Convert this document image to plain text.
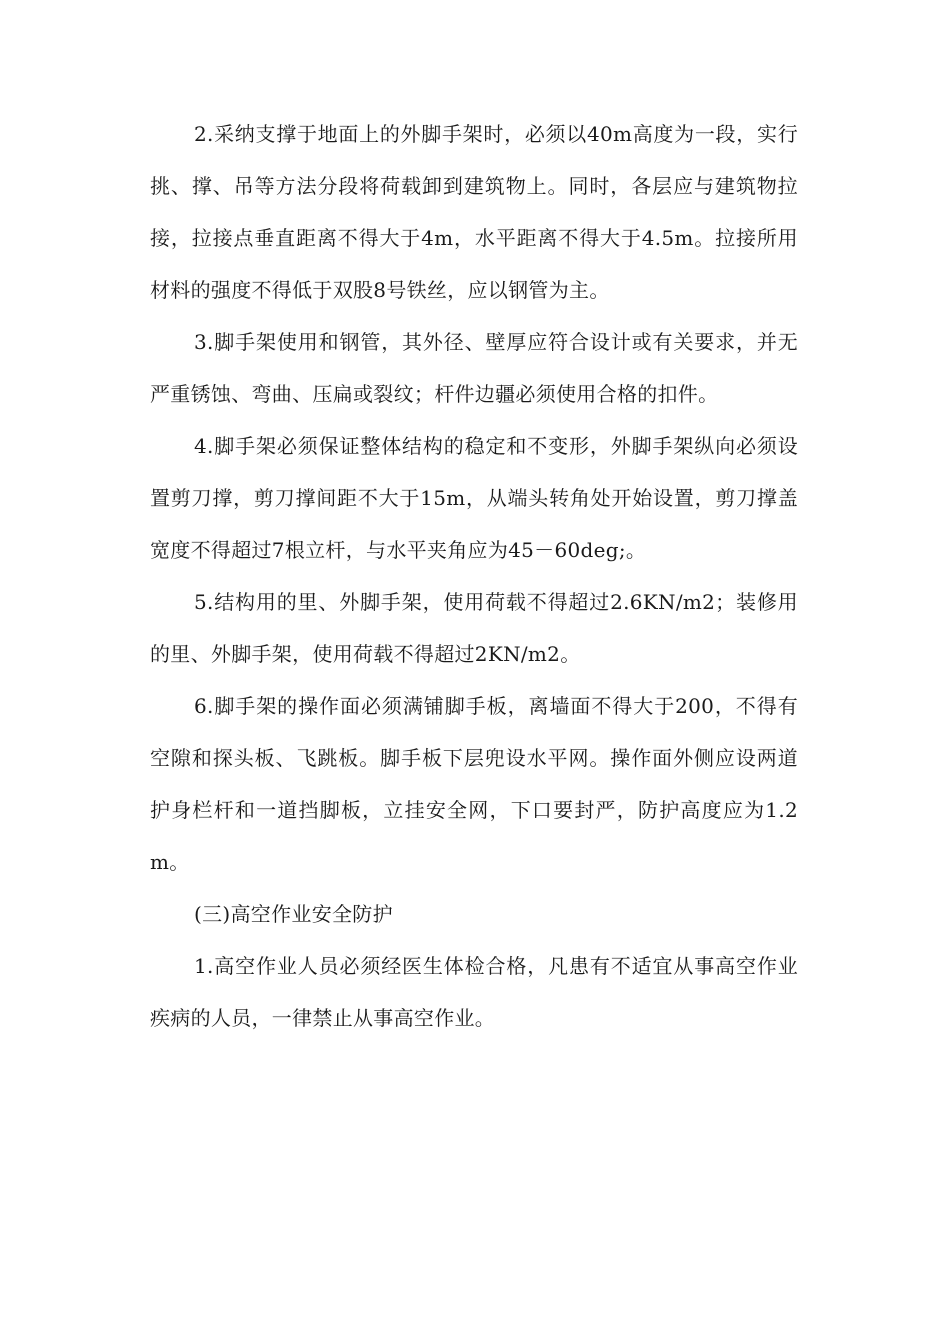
2.采纳支撑于地面上的外脚手架时，必须以40m高度为一段，实行挑、撑、吊等方法分段将荷载卸到建筑物上。同时，各层应与建筑物拉接，拉接点垂直距离不得大于4m，水平距离不得大于4.5m。拉接所用材料的强度不得低于双股8号铁丝，应以钢管为主。

3.脚手架使用和钢管，其外径、壁厚应符合设计或有关要求，并无严重锈蚀、弯曲、压扁或裂纹；杆件边疆必须使用合格的扣件。

4.脚手架必须保证整体结构的稳定和不变形，外脚手架纵向必须设置剪刀撑，剪刀撑间距不大于15m，从端头转角处开始设置，剪刀撑盖宽度不得超过7根立杆，与水平夹角应为45－60deg;。

5.结构用的里、外脚手架，使用荷载不得超过2.6KN/m2；装修用的里、外脚手架，使用荷载不得超过2KN/m2。

6.脚手架的操作面必须满铺脚手板，离墙面不得大于200，不得有空隙和探头板、飞跳板。脚手板下层兜设水平网。操作面外侧应设两道护身栏杆和一道挡脚板，立挂安全网，下口要封严，防护高度应为1.2m。

(三)高空作业安全防护

1.高空作业人员必须经医生体检合格，凡患有不适宜从事高空作业疾病的人员，一律禁止从事高空作业。
